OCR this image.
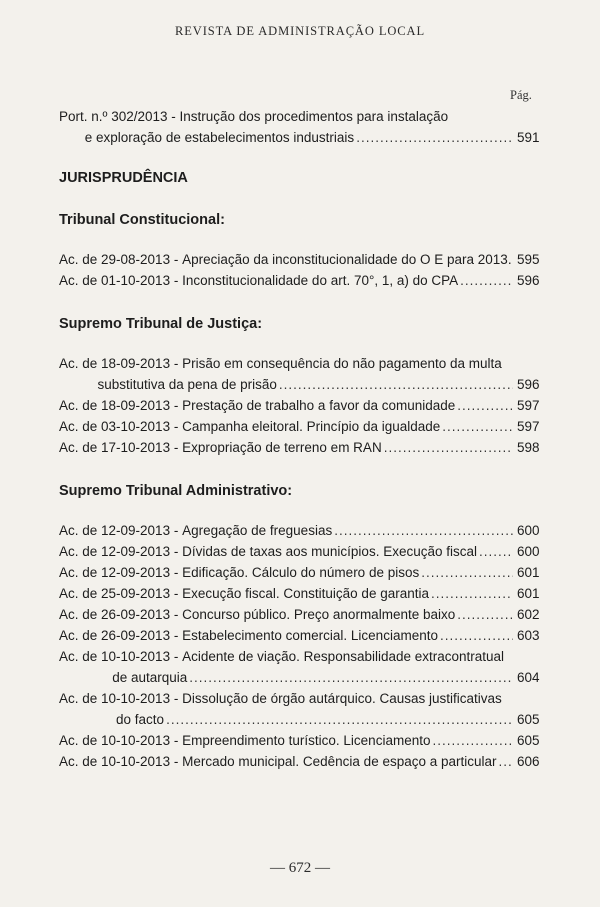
REVISTA DE ADMINISTRAÇÃO LOCAL
Pág.
Port. n.º 302/2013 - Instrução dos procedimentos para instalação
e exploração de estabelecimentos industriais .....	591
JURISPRUDÊNCIA
Tribunal Constitucional:
Ac. de 29-08-2013 - Apreciação da inconstitucionalidade do O E para 2013. 595
Ac. de 01-10-2013 - Inconstitucionalidade do art. 70°, 1, a) do CPA .....	596
Supremo Tribunal de Justiça:
Ac. de 18-09-2013 - Prisão em consequência do não pagamento da multa
substitutiva da pena de prisão .....	596
Ac. de 18-09-2013 - Prestação de trabalho a favor da comunidade .....	597
Ac. de 03-10-2013 - Campanha eleitoral. Princípio da igualdade .....	597
Ac. de 17-10-2013 - Expropriação de terreno em RAN .....	598
Supremo Tribunal Administrativo:
Ac. de 12-09-2013 - Agregação de freguesias .....	600
Ac. de 12-09-2013 - Dívidas de taxas aos municípios. Execução fiscal .....	600
Ac. de 12-09-2013 - Edificação. Cálculo do número de pisos .....	601
Ac. de 25-09-2013 - Execução fiscal. Constituição de garantia .....	601
Ac. de 26-09-2013 - Concurso público. Preço anormalmente baixo .....	602
Ac. de 26-09-2013 - Estabelecimento comercial. Licenciamento .....	603
Ac. de 10-10-2013 - Acidente de viação. Responsabilidade extracontratual
de autarquia .....	604
Ac. de 10-10-2013 - Dissolução de órgão autárquico. Causas justificativas
do facto .....	605
Ac. de 10-10-2013 - Empreendimento turístico. Licenciamento .....	605
Ac. de 10-10-2013 - Mercado municipal. Cedência de espaço a particular ..... 606
— 672 —
